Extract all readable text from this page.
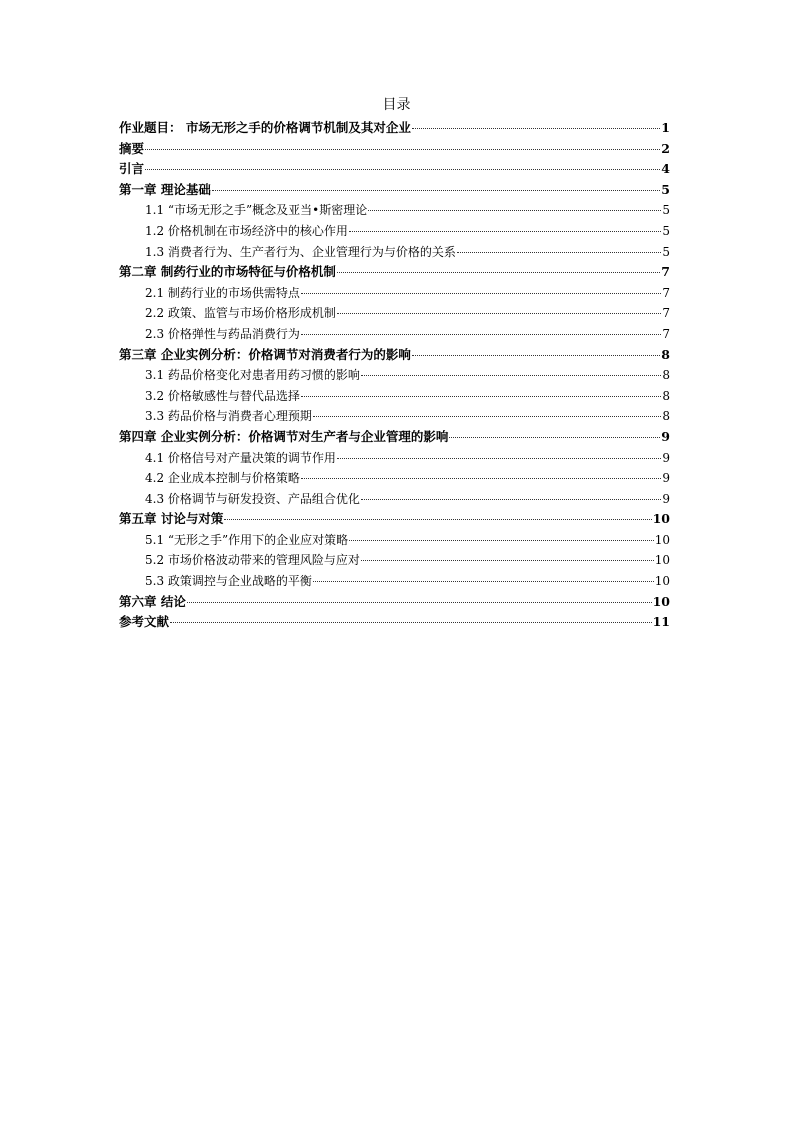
目录
作业题目： 市场无形之手的价格调节机制及其对企业	1
摘要	2
引言	4
第一章 理论基础	5
1.1 “市场无形之手”概念及亚当•斯密理论	5
1.2 价格机制在市场经济中的核心作用	5
1.3 消费者行为、生产者行为、企业管理行为与价格的关系	5
第二章 制药行业的市场特征与价格机制	7
2.1 制药行业的市场供需特点	7
2.2 政策、监管与市场价格形成机制	7
2.3 价格弹性与药品消费行为	7
第三章 企业实例分析：价格调节对消费者行为的影响	8
3.1 药品价格变化对患者用药习惯的影响	8
3.2 价格敏感性与替代品选择	8
3.3 药品价格与消费者心理预期	8
第四章 企业实例分析：价格调节对生产者与企业管理的影响	9
4.1 价格信号对产量决策的调节作用	9
4.2 企业成本控制与价格策略	9
4.3 价格调节与研发投资、产品组合优化	9
第五章 讨论与对策	10
5.1 “无形之手”作用下的企业应对策略	10
5.2 市场价格波动带来的管理风险与应对	10
5.3 政策调控与企业战略的平衡	10
第六章 结论	10
参考文献	11
